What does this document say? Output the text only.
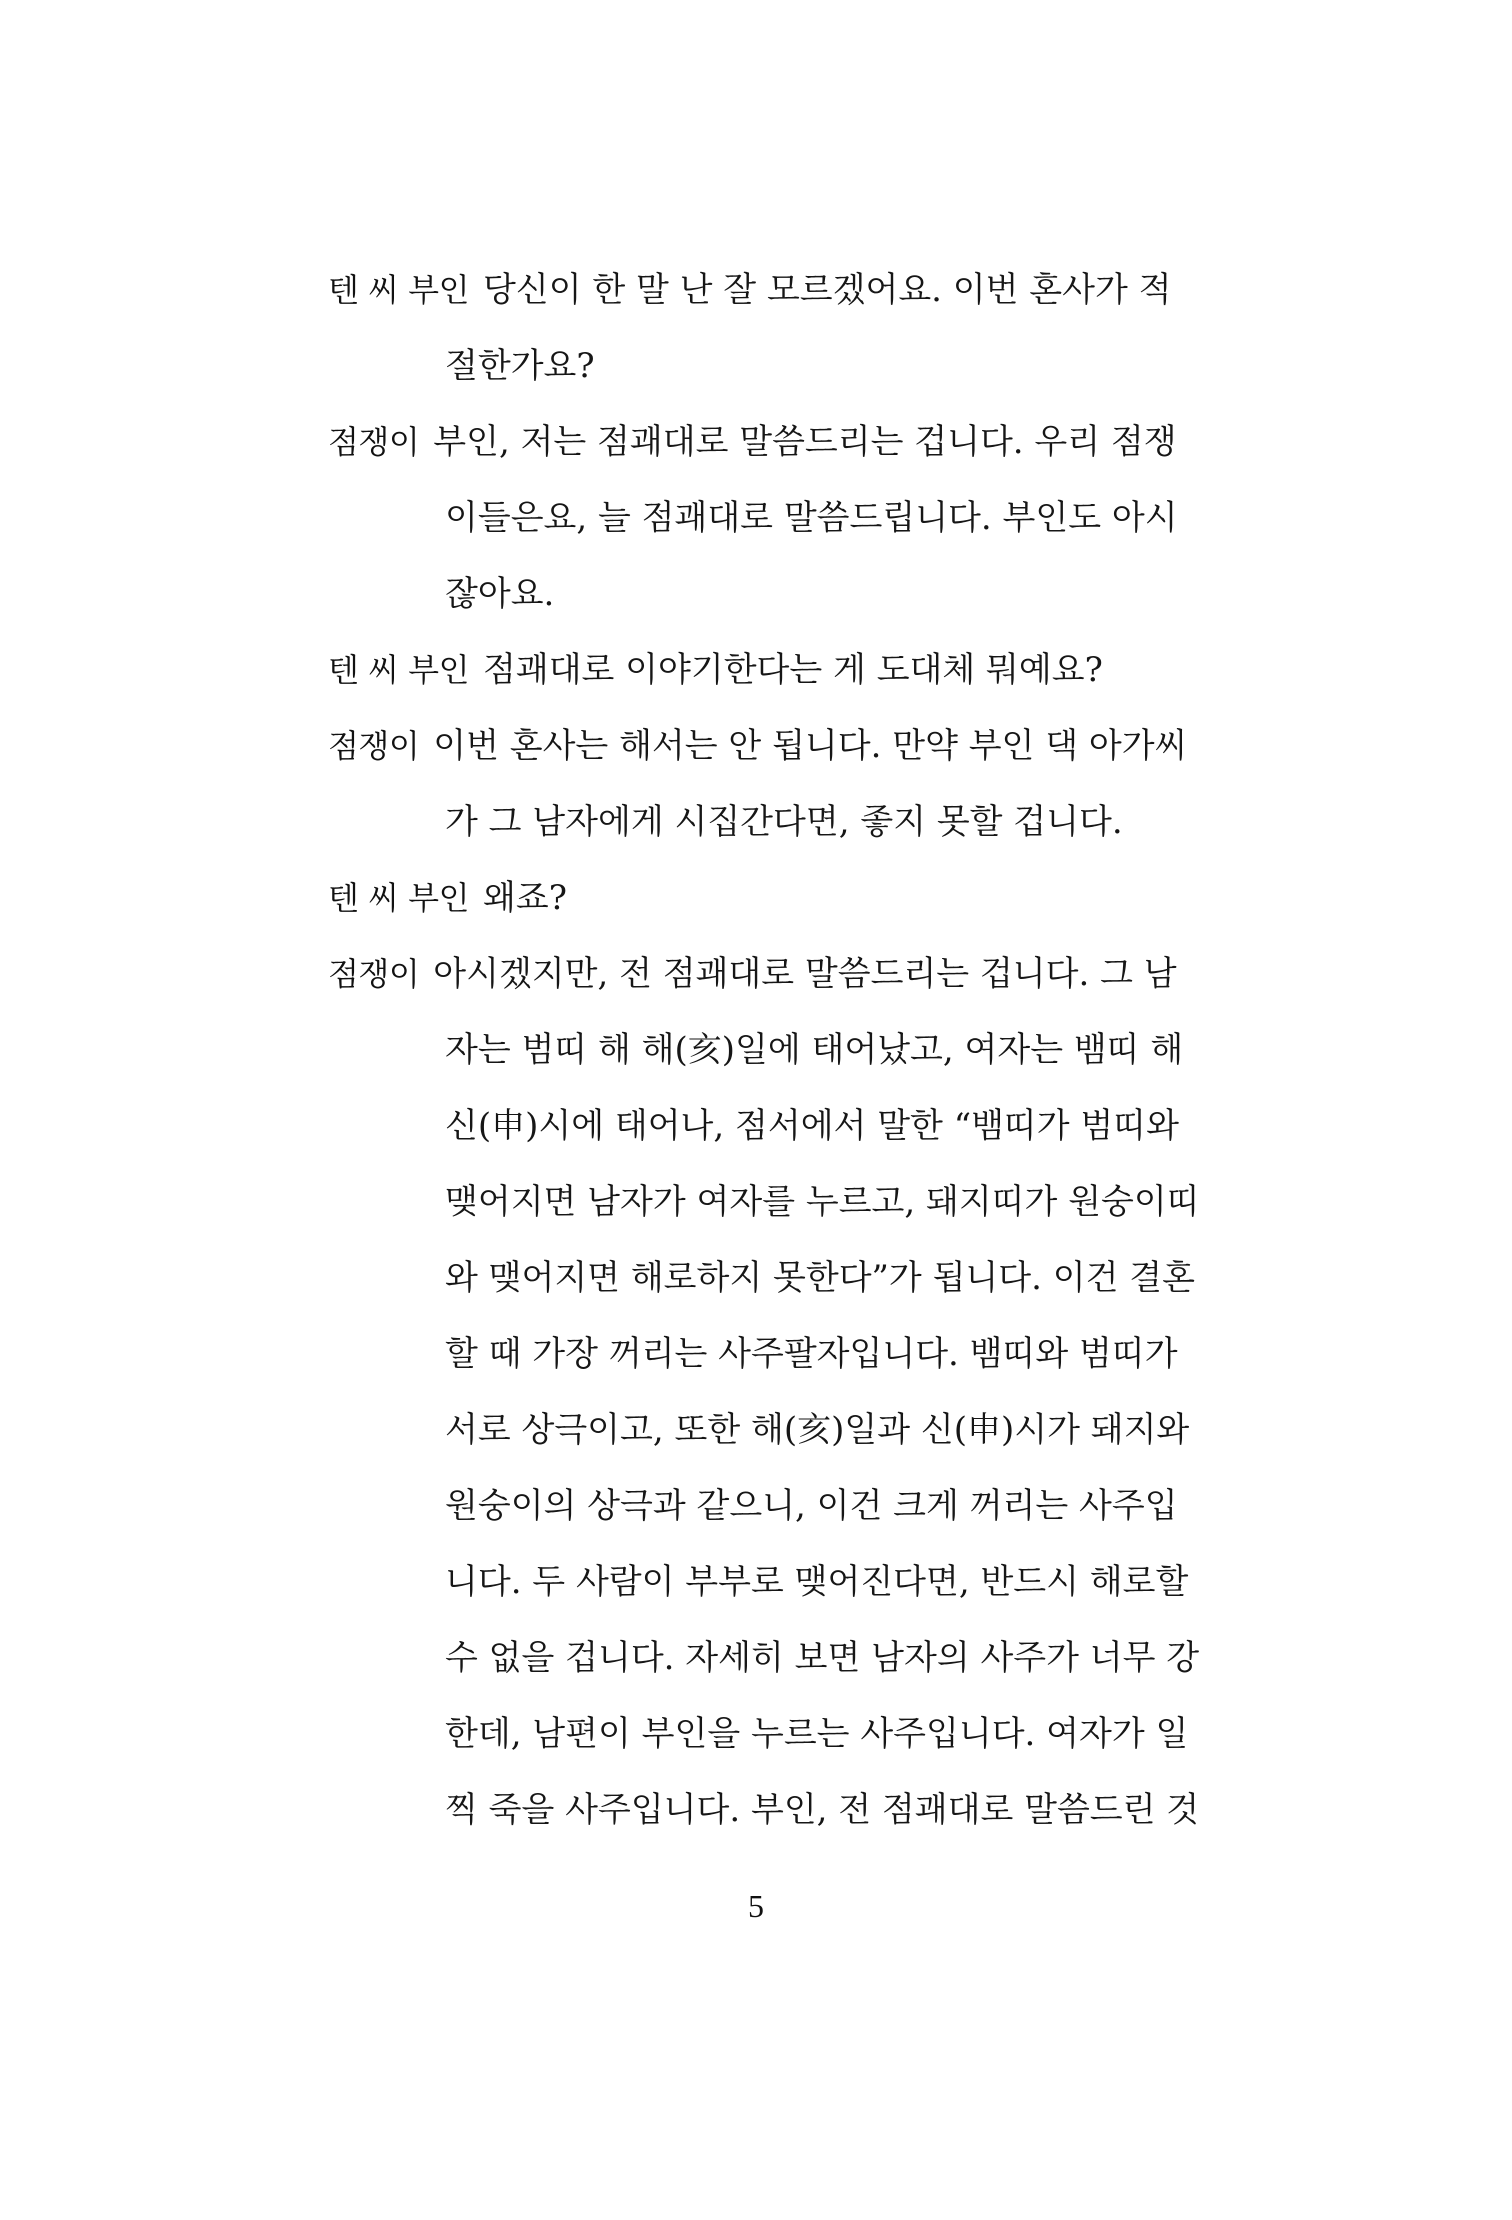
텐 씨 부인 당신이 한 말 난 잘 모르겠어요. 이번 혼사가 적
절한가요?
점쟁이 부인, 저는 점괘대로 말씀드리는 겁니다. 우리 점쟁
이들은요, 늘 점괘대로 말씀드립니다. 부인도 아시
잖아요.
텐 씨 부인 점괘대로 이야기한다는 게 도대체 뭐예요?
점쟁이 이번 혼사는 해서는 안 됩니다. 만약 부인 댁 아가씨
가 그 남자에게 시집간다면, 좋지 못할 겁니다.
텐 씨 부인 왜죠?
점쟁이 아시겠지만, 전 점괘대로 말씀드리는 겁니다. 그 남
자는 범띠 해 해(亥)일에 태어났고, 여자는 뱀띠 해
신(申)시에 태어나, 점서에서 말한 “뱀띠가 범띠와
맺어지면 남자가 여자를 누르고, 돼지띠가 원숭이띠
와 맺어지면 해로하지 못한다”가 됩니다. 이건 결혼
할 때 가장 꺼리는 사주팔자입니다. 뱀띠와 범띠가
서로 상극이고, 또한 해(亥)일과 신(申)시가 돼지와
원숭이의 상극과 같으니, 이건 크게 꺼리는 사주입
니다. 두 사람이 부부로 맺어진다면, 반드시 해로할
수 없을 겁니다. 자세히 보면 남자의 사주가 너무 강
한데, 남편이 부인을 누르는 사주입니다. 여자가 일
찍 죽을 사주입니다. 부인, 전 점괘대로 말씀드린 것
5
